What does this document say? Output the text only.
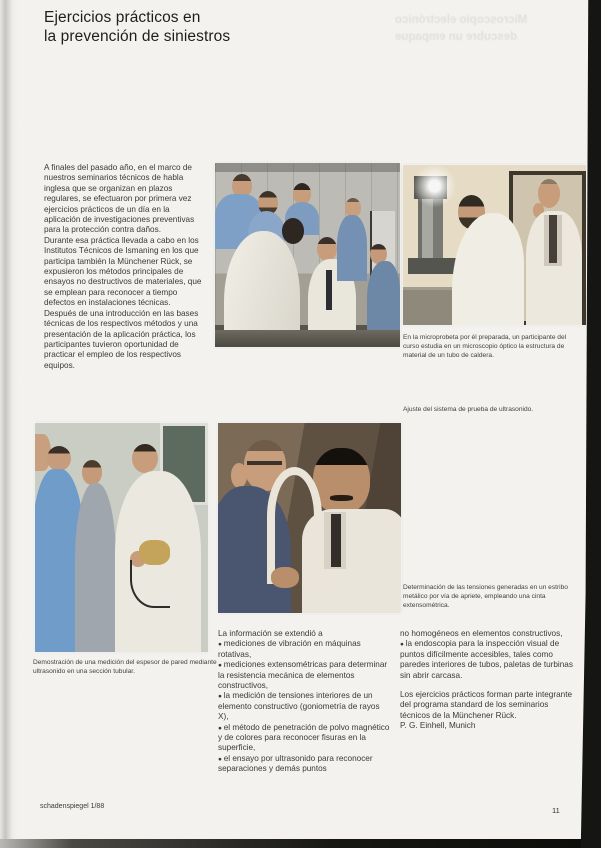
Ejercicios prácticos en
la prevención de siniestros

Microscopio electrónico
descubre un empaque

A finales del pasado año, en el marco de nuestros seminarios técnicos de habla inglesa que se organizan en plazos regulares, se efectuaron por primera vez ejercicios prácticos de un día en la aplicación de investigaciones preventivas para la protección contra daños.

Durante esa práctica llevada a cabo en los Institutos Técnicos de Ismaning en los que participa también la Münchener Rück, se expusieron los métodos principales de ensayos no destructivos de materiales, que se emplean para reconocer a tiempo defectos en instalaciones técnicas.

Después de una introducción en las bases técnicas de los respectivos métodos y una presentación de la aplicación práctica, los participantes tuvieron oportunidad de practicar el empleo de los respectivos equipos.

En la microprobeta por él preparada, un participante del curso estudia en un microscopio óptico la estructura de material de un tubo de caldera.

Ajuste del sistema de prueba de ultrasonido.

Demostración de una medición del espesor de pared mediante ultrasonido en una sección tubular.

Determinación de las tensiones generadas en un estribo metálico por vía de apriete, empleando una cinta extensométrica.

La información se extendió a

● mediciones de vibración en máquinas rotativas,

● mediciones extensométricas para determinar la resistencia mecánica de elementos constructivos,

● la medición de tensiones interiores de un elemento constructivo (goniometría de rayos X),

● el método de penetración de polvo magnético y de colores para reconocer fisuras en la superficie,

● el ensayo por ultrasonido para reconocer separaciones y demás puntos

no homogéneos en elementos constructivos,

● la endoscopia para la inspección visual de puntos difícilmente accesibles, tales como paredes interiores de tubos, paletas de turbinas sin abrir carcasa.

Los ejercicios prácticos forman parte integrante del programa standard de los seminarios técnicos de la Münchener Rück.

P. G. Einhell, Munich

schadenspiegel 1/88	11
